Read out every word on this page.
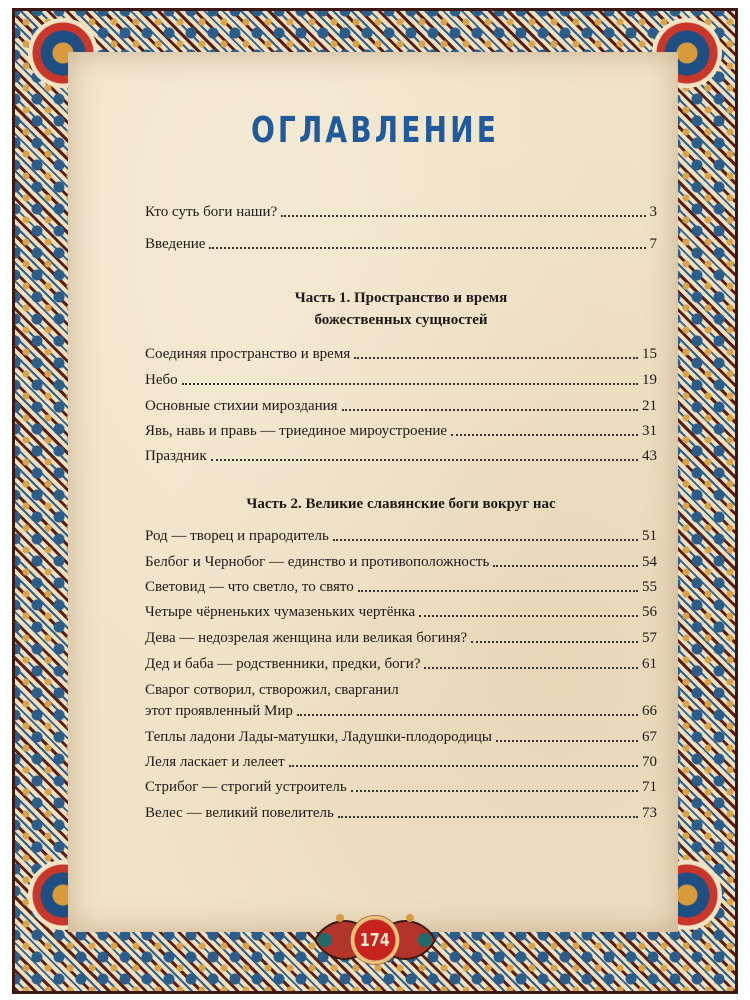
ОГЛАВЛЕНИЕ
Кто суть боги наши?	3
Введение	7
Часть 1. Пространство и время
божественных сущностей
Соединяя пространство и время	15
Небо	19
Основные стихии мироздания	21
Явь, навь и правь — триединое мироустроение	31
Праздник	43
Часть 2. Великие славянские боги вокруг нас
Род — творец и прародитель	51
Белбог и Чернобог — единство и противоположность	54
Световид — что светло, то свято	55
Четыре чёрненьких чумазеньких чертёнка	56
Дева — недозрелая женщина или великая богиня?	57
Дед и баба — родственники, предки, боги?	61
Сварог сотворил, створожил, сварганил
этот проявленный Мир	66
Теплы ладони Лады-матушки, Ладушки-плодородицы	67
Леля ласкает и лелеет	70
Стрибог — строгий устроитель	71
Велес — великий повелитель	73
174
